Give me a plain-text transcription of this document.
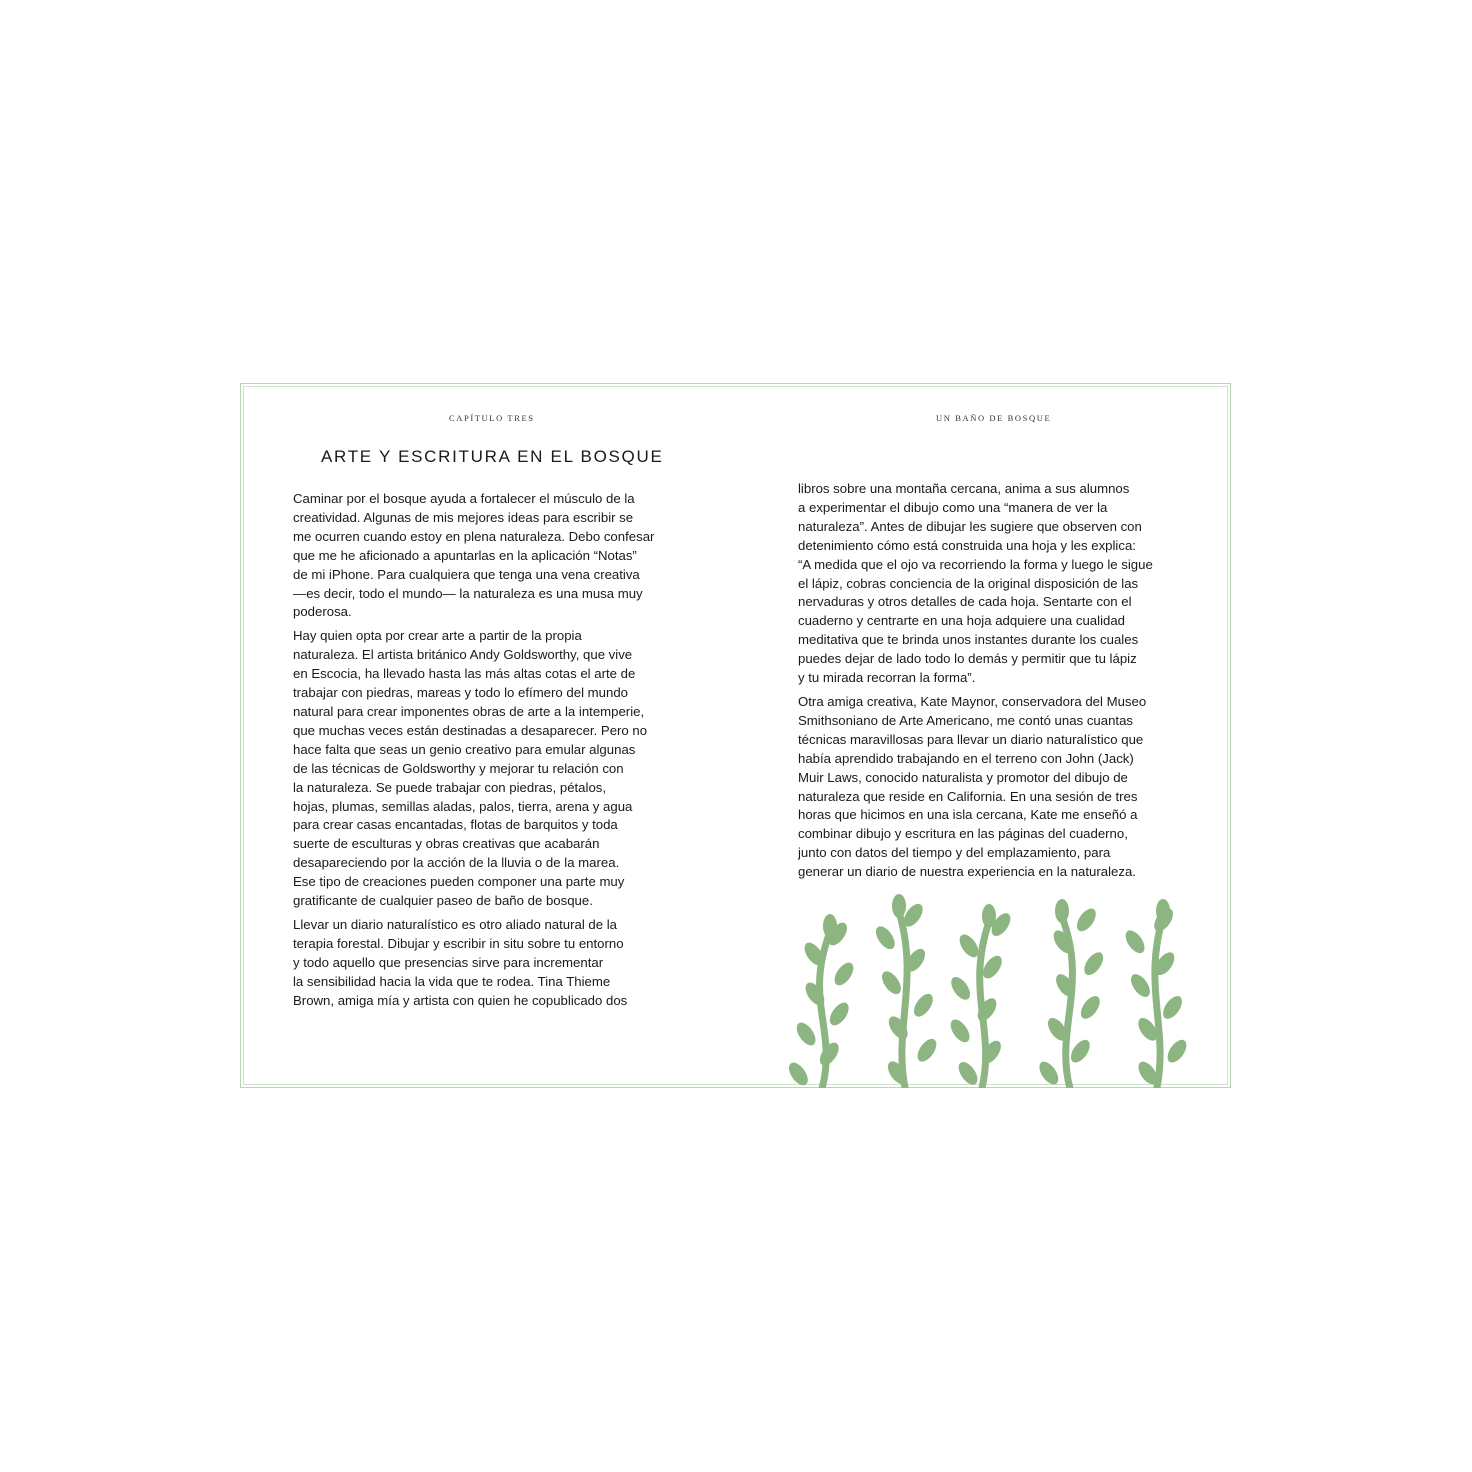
CAPÍTULO TRES	UN BAÑO DE BOSQUE
ARTE Y ESCRITURA EN EL BOSQUE

Caminar por el bosque ayuda a fortalecer el músculo de la
creatividad. Algunas de mis mejores ideas para escribir se
me ocurren cuando estoy en plena naturaleza. Debo confesar
que me he aficionado a apuntarlas en la aplicación “Notas”
de mi iPhone. Para cualquiera que tenga una vena creativa
—es decir, todo el mundo— la naturaleza es una musa muy
poderosa.

Hay quien opta por crear arte a partir de la propia
naturaleza. El artista británico Andy Goldsworthy, que vive
en Escocia, ha llevado hasta las más altas cotas el arte de
trabajar con piedras, mareas y todo lo efímero del mundo
natural para crear imponentes obras de arte a la intemperie,
que muchas veces están destinadas a desaparecer. Pero no
hace falta que seas un genio creativo para emular algunas
de las técnicas de Goldsworthy y mejorar tu relación con
la naturaleza. Se puede trabajar con piedras, pétalos,
hojas, plumas, semillas aladas, palos, tierra, arena y agua
para crear casas encantadas, flotas de barquitos y toda
suerte de esculturas y obras creativas que acabarán
desapareciendo por la acción de la lluvia o de la marea.
Ese tipo de creaciones pueden componer una parte muy
gratificante de cualquier paseo de baño de bosque.

Llevar un diario naturalístico es otro aliado natural de la
terapia forestal. Dibujar y escribir in situ sobre tu entorno
y todo aquello que presencias sirve para incrementar
la sensibilidad hacia la vida que te rodea. Tina Thieme
Brown, amiga mía y artista con quien he copublicado dos

libros sobre una montaña cercana, anima a sus alumnos
a experimentar el dibujo como una “manera de ver la
naturaleza”. Antes de dibujar les sugiere que observen con
detenimiento cómo está construida una hoja y les explica:
“A medida que el ojo va recorriendo la forma y luego le sigue
el lápiz, cobras conciencia de la original disposición de las
nervaduras y otros detalles de cada hoja. Sentarte con el
cuaderno y centrarte en una hoja adquiere una cualidad
meditativa que te brinda unos instantes durante los cuales
puedes dejar de lado todo lo demás y permitir que tu lápiz
y tu mirada recorran la forma”.

Otra amiga creativa, Kate Maynor, conservadora del Museo
Smithsoniano de Arte Americano, me contó unas cuantas
técnicas maravillosas para llevar un diario naturalístico que
había aprendido trabajando en el terreno con John (Jack)
Muir Laws, conocido naturalista y promotor del dibujo de
naturaleza que reside en California. En una sesión de tres
horas que hicimos en una isla cercana, Kate me enseñó a
combinar dibujo y escritura en las páginas del cuaderno,
junto con datos del tiempo y del emplazamiento, para
generar un diario de nuestra experiencia en la naturaleza.
